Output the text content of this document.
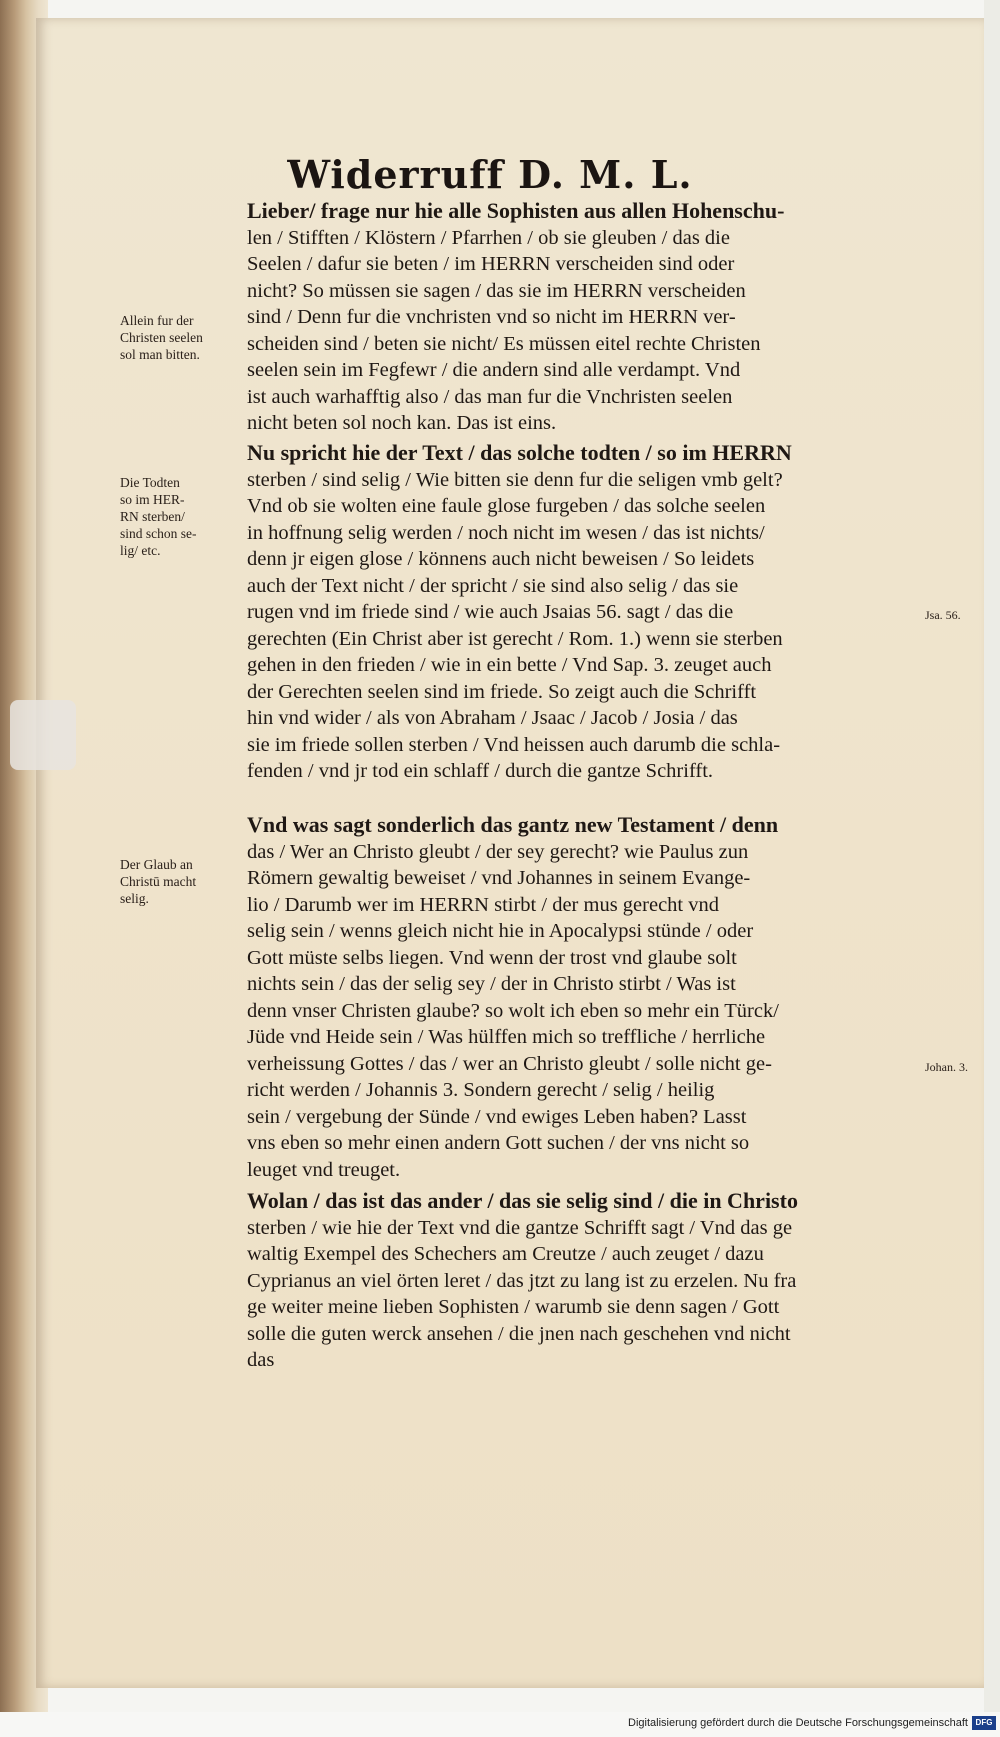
Widerruff D. M. L.
Lieber/ frage nur hie alle Sophisten aus allen Hohenschu-
len / Stifften / Klöstern / Pfarrhen / ob sie gleuben / das die
Seelen / dafur sie beten / im HERRN verscheiden sind oder
nicht? So müssen sie sagen / das sie im HERRN verscheiden
sind / Denn fur die vnchristen vnd so nicht im HERRN ver-
scheiden sind / beten sie nicht/ Es müssen eitel rechte Christen
seelen sein im Fegfewr / die andern sind alle verdampt. Vnd
ist auch warhafftig also / das man fur die Vnchristen seelen
nicht beten sol noch kan. Das ist eins.
Nu spricht hie der Text / das solche todten / so im HERRN
sterben / sind selig / Wie bitten sie denn fur die seligen vmb gelt?
Vnd ob sie wolten eine faule glose furgeben / das solche seelen
in hoffnung selig werden / noch nicht im wesen / das ist nichts/
denn jr eigen glose / könnens auch nicht beweisen / So leidets
auch der Text nicht / der spricht / sie sind also selig / das sie
rugen vnd im friede sind / wie auch Jsaias 56. sagt / das die
gerechten (Ein Christ aber ist gerecht / Rom. 1.) wenn sie sterben
gehen in den frieden / wie in ein bette / Vnd Sap. 3. zeuget auch
der Gerechten seelen sind im friede. So zeigt auch die Schrifft
hin vnd wider / als von Abraham / Jsaac / Jacob / Josia / das
sie im friede sollen sterben / Vnd heissen auch darumb die schla-
fenden / vnd jr tod ein schlaff / durch die gantze Schrifft.
Vnd was sagt sonderlich das gantz new Testament / denn
das / Wer an Christo gleubt / der sey gerecht? wie Paulus zun
Römern gewaltig beweiset / vnd Johannes in seinem Evange-
lio / Darumb wer im HERRN stirbt / der mus gerecht vnd
selig sein / wenns gleich nicht hie in Apocalypsi stünde / oder
Gott müste selbs liegen. Vnd wenn der trost vnd glaube solt
nichts sein / das der selig sey / der in Christo stirbt / Was ist
denn vnser Christen glaube? so wolt ich eben so mehr ein Türck/
Jüde vnd Heide sein / Was hülffen mich so treffliche / herrliche
verheissung Gottes / das / wer an Christo gleubt / solle nicht ge-
richt werden / Johannis 3. Sondern gerecht / selig / heilig
sein / vergebung der Sünde / vnd ewiges Leben haben? Lasst
vns eben so mehr einen andern Gott suchen / der vns nicht so
leuget vnd treuget.
Wolan / das ist das ander / das sie selig sind / die in Christo
sterben / wie hie der Text vnd die gantze Schrifft sagt / Vnd das ge
waltig Exempel des Schechers am Creutze / auch zeuget / dazu
Cyprianus an viel örten leret / das jtzt zu lang ist zu erzelen. Nu fra
ge weiter meine lieben Sophisten / warumb sie denn sagen / Gott
solle die guten werck ansehen / die jnen nach geschehen vnd nicht
das
Allein fur der
Christen seelen
sol man bitten.
Die Todten
so im HER-
RN sterben/
sind schon se-
lig/ etc.
Der Glaub an
Christū macht
selig.
Jsa. 56.
Johan. 3.
Digitalisierung gefördert durch die Deutsche Forschungsgemeinschaft DFG
